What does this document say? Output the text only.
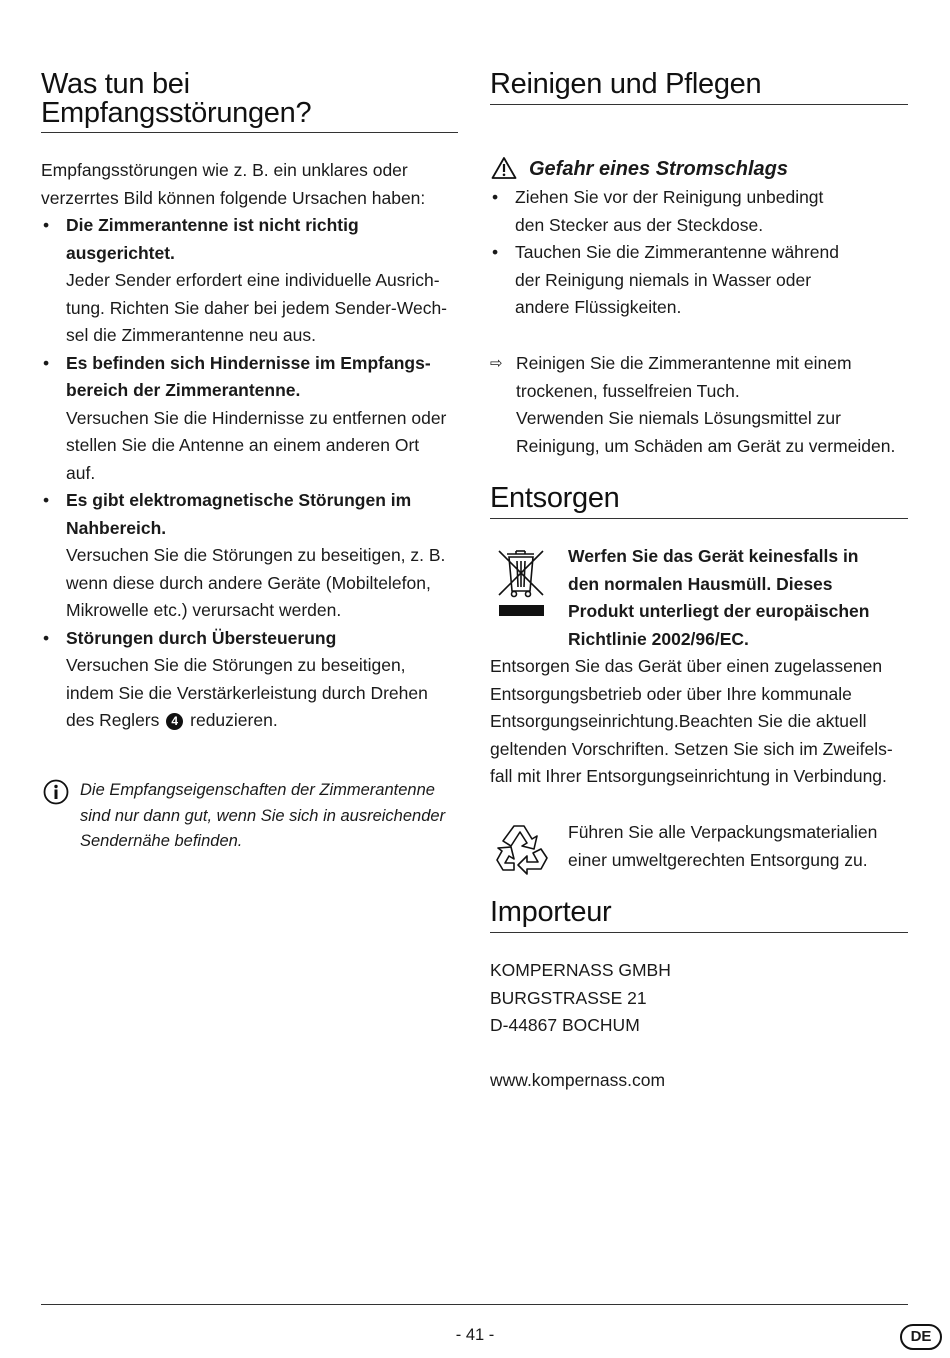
Was tun bei
Empfangsstörungen?

Empfangsstörungen wie z. B. ein unklares oder

verzerrtes Bild können folgende Ursachen haben:

• Die Zimmerantenne ist nicht richtig
ausgerichtet.
Jeder Sender erfordert eine individuelle Ausrich-
tung. Richten Sie daher bei jedem Sender-Wech-
sel die Zimmerantenne neu aus.
• Es befinden sich Hindernisse im Empfangs-
bereich der Zimmerantenne.
Versuchen Sie die Hindernisse zu entfernen oder
stellen Sie die Antenne an einem anderen Ort
auf.
• Es gibt elektromagnetische Störungen im
Nahbereich.
Versuchen Sie die Störungen zu beseitigen, z. B.
wenn diese durch andere Geräte (Mobiltelefon,
Mikrowelle etc.) verursacht werden.
• Störungen durch Übersteuerung
Versuchen Sie die Störungen zu beseitigen,
indem Sie die Verstärkerleistung durch Drehen
des Reglers 4 reduzieren.

Die Empfangseigenschaften der Zimmerantenne

sind nur dann gut, wenn Sie sich in ausreichender

Sendernähe befinden.

Reinigen und Pflegen
Gefahr eines Stromschlags
• Ziehen Sie vor der Reinigung unbedingt
den Stecker aus der Steckdose.
• Tauchen Sie die Zimmerantenne während
der Reinigung niemals in Wasser oder
andere Flüssigkeiten.
⇨ Reinigen Sie die Zimmerantenne mit einem

trockenen, fusselfreien Tuch.

Verwenden Sie niemals Lösungsmittel zur

Reinigung, um Schäden am Gerät zu vermeiden.

Entsorgen

Werfen Sie das Gerät keinesfalls in

den normalen Hausmüll. Dieses

Produkt unterliegt der europäischen

Richtlinie 2002/96/EC.

Entsorgen Sie das Gerät über einen zugelassenen

Entsorgungsbetrieb oder über Ihre kommunale

Entsorgungseinrichtung.Beachten Sie die aktuell

geltenden Vorschriften. Setzen Sie sich im Zweifels-

fall mit Ihrer Entsorgungseinrichtung in Verbindung.

Führen Sie alle Verpackungsmaterialien

einer umweltgerechten Entsorgung zu.

Importeur

KOMPERNASS GMBH

BURGSTRASSE 21

D-44867 BOCHUM

www.kompernass.com

- 41 -	DE
